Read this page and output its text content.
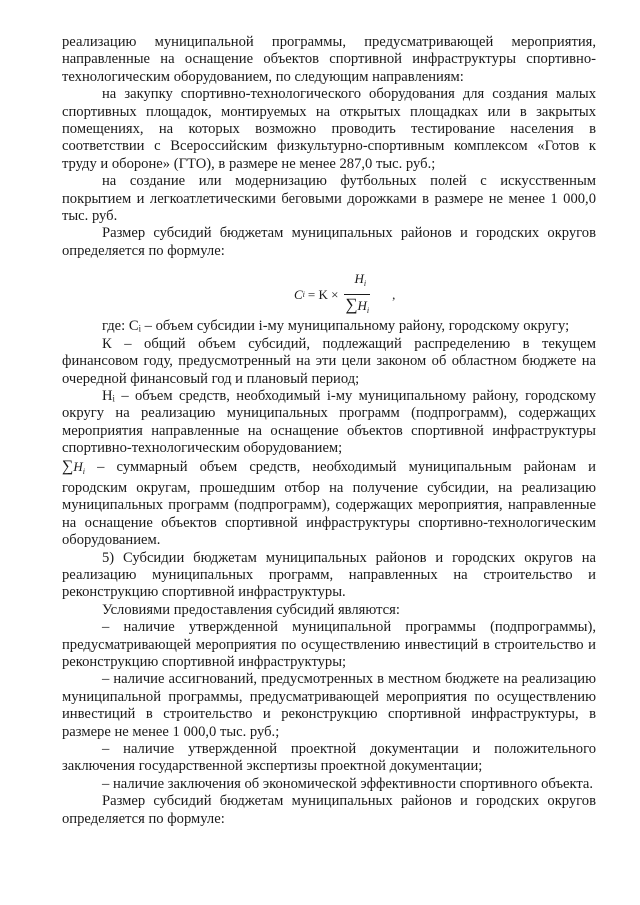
реализацию муниципальной программы, предусматривающей мероприятия, направленные на оснащение объектов спортивной инфраструктуры спортивно-технологическим оборудованием, по следующим направлениям:

на закупку спортивно-технологического оборудования для создания малых спортивных площадок, монтируемых на открытых площадках или в закрытых помещениях, на которых возможно проводить тестирование населения в соответствии с Всероссийским физкультурно-спортивным комплексом «Готов к труду и обороне» (ГТО), в размере не менее 287,0 тыс. руб.;

на создание или модернизацию футбольных полей с искусственным покрытием и легкоатлетическими беговыми дорожками в размере не менее 1 000,0 тыс. руб.

Размер субсидий бюджетам муниципальных районов и городских округов определяется по формуле:

C $i = K \times \frac{H_i}{\sum H_i}$ ,

где: Cᵢ – объем субсидии i-му муниципальному району, городскому округу;

К – общий объем субсидий, подлежащий распределению в текущем финансовом году, предусмотренный на эти цели законом об областном бюджете на очередной финансовый год и плановый период;

Hᵢ – объем средств, необходимый i-му муниципальному району, городскому округу на реализацию муниципальных программ (подпрограмм), содержащих мероприятия направленные на оснащение объектов спортивной инфраструктуры спортивно-технологическим оборудованием;

$\sum H_i$ – суммарный объем средств, необходимый муниципальным районам и городским округам, прошедшим отбор на получение субсидии, на реализацию муниципальных программ (подпрограмм), содержащих мероприятия, направленные на оснащение объектов спортивной инфраструктуры спортивно-технологическим оборудованием.

5) Субсидии бюджетам муниципальных районов и городских округов на реализацию муниципальных программ, направленных на строительство и реконструкцию спортивной инфраструктуры.

Условиями предоставления субсидий являются:

– наличие утвержденной муниципальной программы (подпрограммы), предусматривающей мероприятия по осуществлению инвестиций в строительство и реконструкцию спортивной инфраструктуры;

– наличие ассигнований, предусмотренных в местном бюджете на реализацию муниципальной программы, предусматривающей мероприятия по осуществлению инвестиций в строительство и реконструкцию спортивной инфраструктуры, в размере не менее 1 000,0 тыс. руб.;

– наличие утвержденной проектной документации и положительного заключения государственной экспертизы проектной документации;

– наличие заключения об экономической эффективности спортивного объекта.

Размер субсидий бюджетам муниципальных районов и городских округов определяется по формуле:
